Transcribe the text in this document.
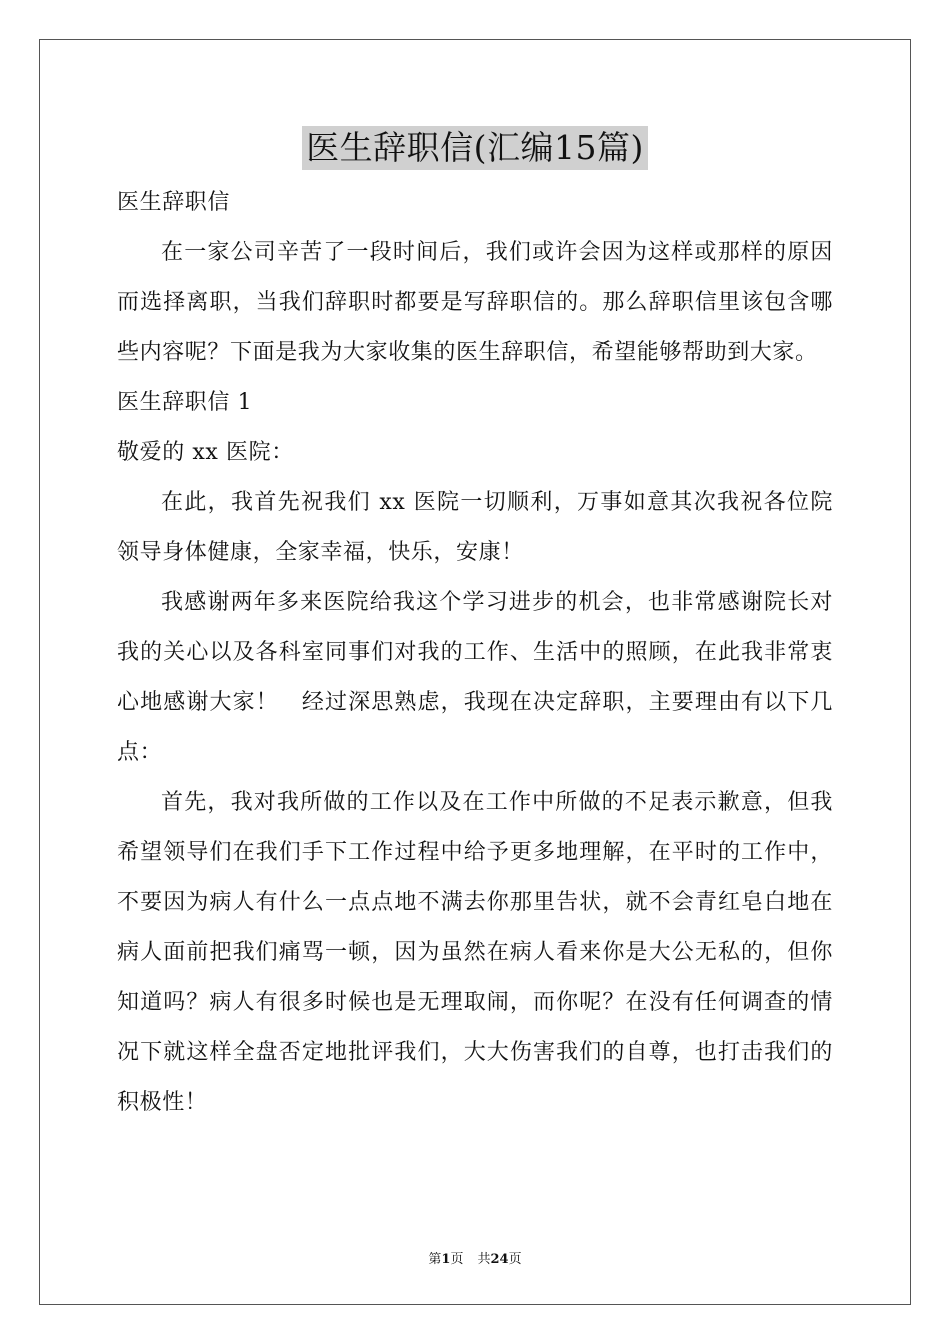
医生辞职信(汇编15篇)

医生辞职信

在一家公司辛苦了一段时间后，我们或许会因为这样或那样的原因而选择离职，当我们辞职时都要是写辞职信的。那么辞职信里该包含哪些内容呢？下面是我为大家收集的医生辞职信，希望能够帮助到大家。

医生辞职信 1

敬爱的 xx 医院：

在此，我首先祝我们 xx 医院一切顺利，万事如意其次我祝各位院领导身体健康，全家幸福，快乐，安康！

我感谢两年多来医院给我这个学习进步的机会，也非常感谢院长对我的关心以及各科室同事们对我的工作、生活中的照顾，在此我非常衷心地感谢大家！　经过深思熟虑，我现在决定辞职，主要理由有以下几点：

首先，我对我所做的工作以及在工作中所做的不足表示歉意，但我希望领导们在我们手下工作过程中给予更多地理解，在平时的工作中，不要因为病人有什么一点点地不满去你那里告状，就不会青红皂白地在病人面前把我们痛骂一顿，因为虽然在病人看来你是大公无私的，但你知道吗？病人有很多时候也是无理取闹，而你呢？在没有任何调查的情况下就这样全盘否定地批评我们，大大伤害我们的自尊，也打击我们的积极性！

第1页 共24页
